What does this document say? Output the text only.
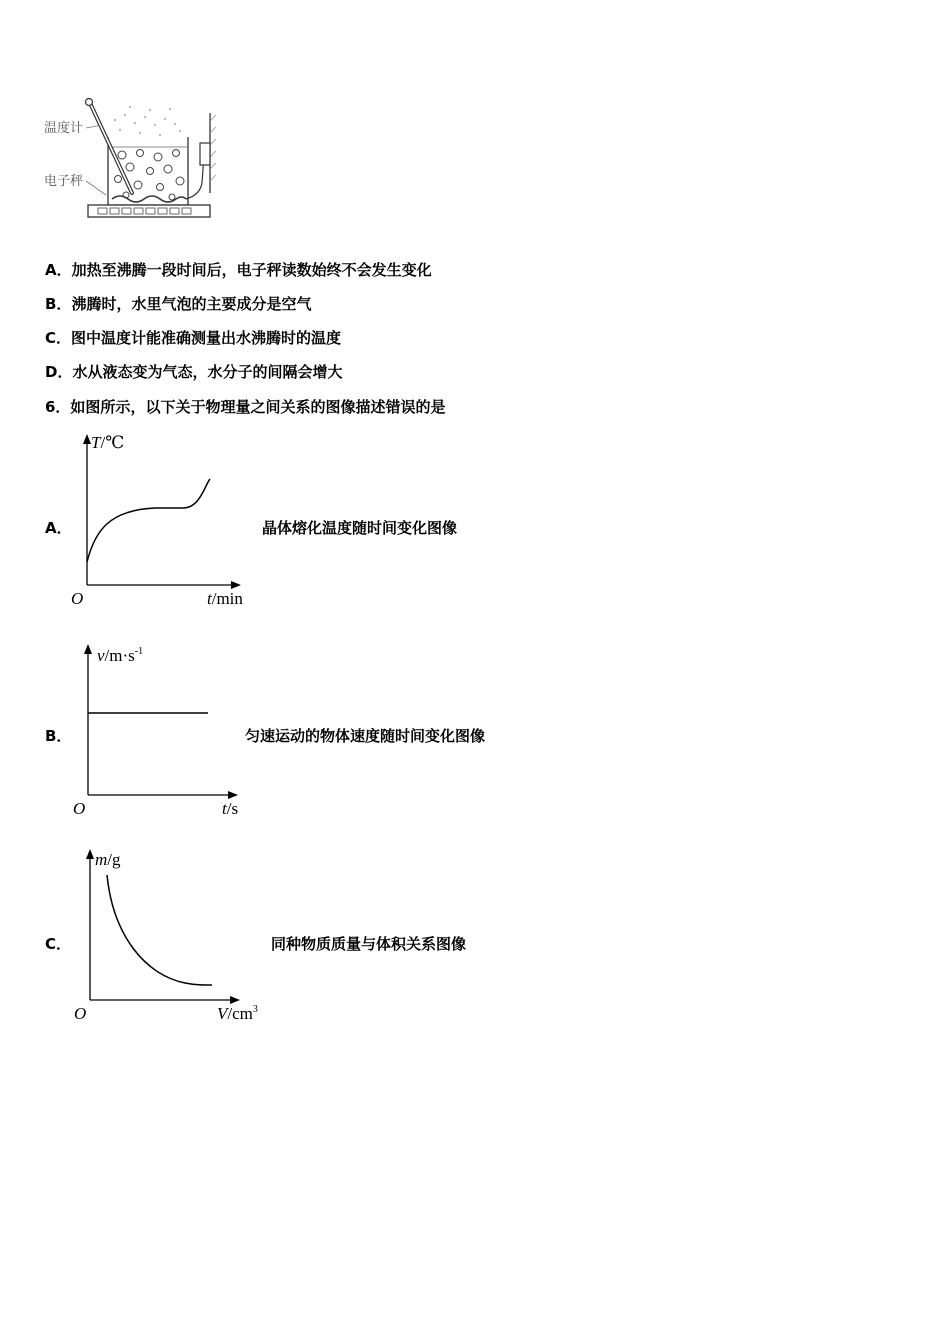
温度计
电子秤
A．加热至沸腾一段时间后，电子秤读数始终不会发生变化
B．沸腾时，水里气泡的主要成分是空气
C．图中温度计能准确测量出水沸腾时的温度
D．水从液态变为气态，水分子的间隔会增大
6．如图所示，以下关于物理量之间关系的图像描述错误的是
A．
T/℃
t/min
O
晶体熔化温度随时间变化图像
B．
$v/m\cdot s^{-1}$
t/s
O
匀速运动的物体速度随时间变化图像
C．
m/g
$V/cm^3$
O
同种物质质量与体积关系图像
